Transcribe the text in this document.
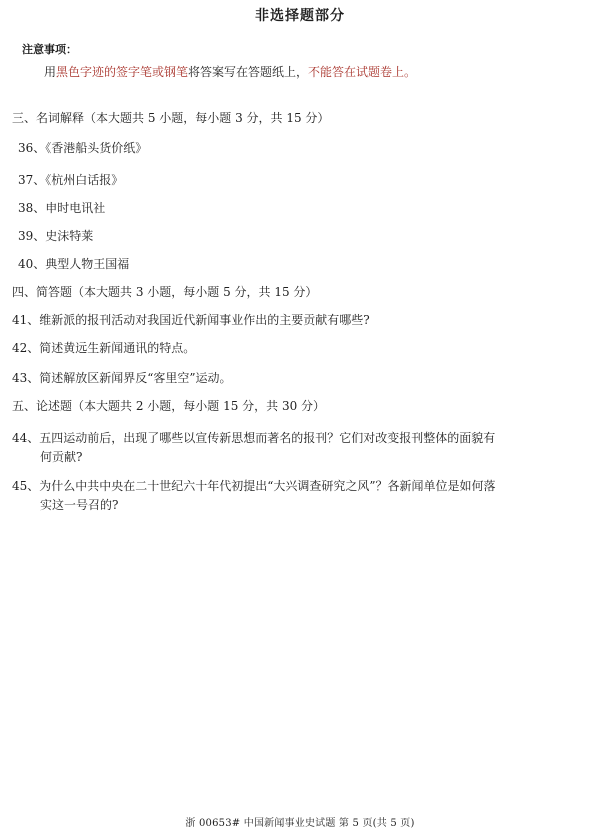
非选择题部分
注意事项：
用黑色字迹的签字笔或钢笔将答案写在答题纸上，不能答在试题卷上。
三、名词解释（本大题共 5 小题，每小题 3 分，共 15 分）
36、《香港船头货价纸》
37、《杭州白话报》
38、申时电讯社
39、史沫特莱
40、典型人物王国福
四、简答题（本大题共 3 小题，每小题 5 分，共 15 分）
41、维新派的报刊活动对我国近代新闻事业作出的主要贡献有哪些?
42、简述黄远生新闻通讯的特点。
43、简述解放区新闻界反“客里空”运动。
五、论述题（本大题共 2 小题，每小题 15 分，共 30 分）
44、五四运动前后，出现了哪些以宣传新思想而著名的报刊？它们对改变报刊整体的面貌有
何贡献?
45、为什么中共中央在二十世纪六十年代初提出“大兴调查研究之风”？各新闻单位是如何落
实这一号召的?
浙 00653# 中国新闻事业史试题 第 5 页(共 5 页)
